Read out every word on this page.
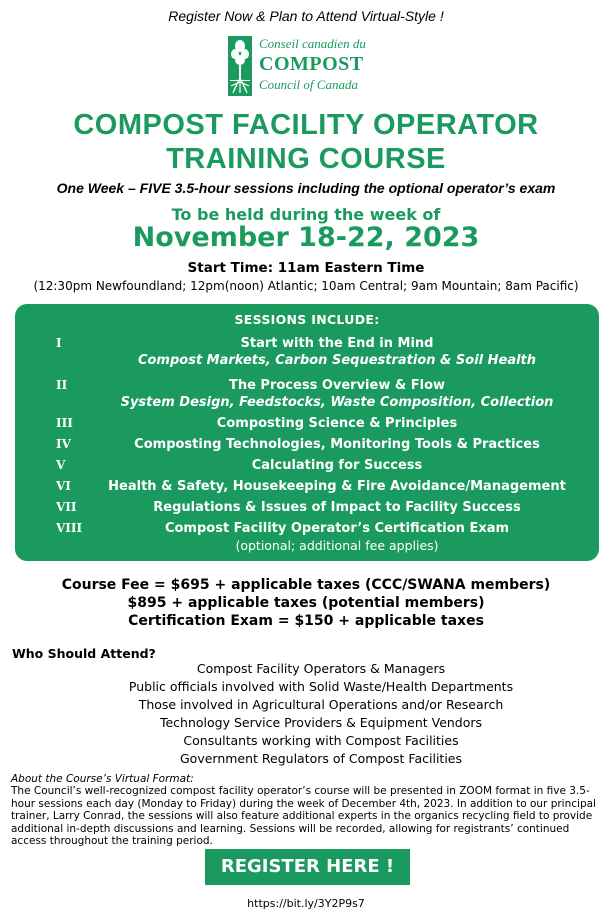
Register Now & Plan to Attend Virtual-Style !
Conseil canadien du
COMPOST
Council of Canada
COMPOST FACILITY OPERATOR
TRAINING COURSE
One Week – FIVE 3.5-hour sessions including the optional operator’s exam
To be held during the week of
November 18-22, 2023
Start Time: 11am Eastern Time
(12:30pm Newfoundland; 12pm(noon) Atlantic; 10am Central; 9am Mountain; 8am Pacific)
SESSIONS INCLUDE:
I	Start with the End in Mind
Compost Markets, Carbon Sequestration & Soil Health
II	The Process Overview & Flow
System Design, Feedstocks, Waste Composition, Collection
III	Composting Science & Principles
IV	Composting Technologies, Monitoring Tools & Practices
V	Calculating for Success
VI	Health & Safety, Housekeeping & Fire Avoidance/Management
VII	Regulations & Issues of Impact to Facility Success
VIII	Compost Facility Operator’s Certification Exam
(optional; additional fee applies)
Course Fee = $695 + applicable taxes (CCC/SWANA members)
$895 + applicable taxes (potential members)
Certification Exam = $150 + applicable taxes
Who Should Attend?
Compost Facility Operators & Managers
Public officials involved with Solid Waste/Health Departments
Those involved in Agricultural Operations and/or Research
Technology Service Providers & Equipment Vendors
Consultants working with Compost Facilities
Government Regulators of Compost Facilities
About the Course’s Virtual Format:
The Council’s well-recognized compost facility operator’s course will be presented in ZOOM format in five 3.5-hour sessions each day (Monday to Friday) during the week of December 4th, 2023. In addition to our principal trainer, Larry Conrad, the sessions will also feature additional experts in the organics recycling field to provide additional in-depth discussions and learning. Sessions will be recorded, allowing for registrants’ continued access throughout the training period.
REGISTER HERE !
https://bit.ly/3Y2P9s7
